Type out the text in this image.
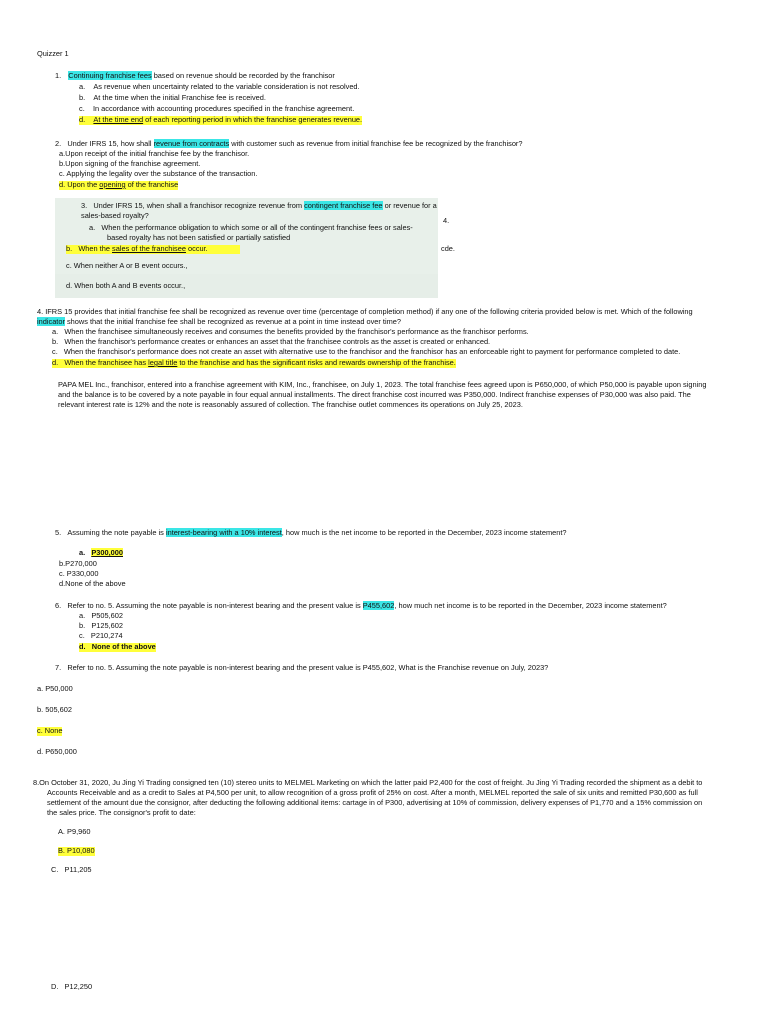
Quizzer 1
1. Continuing franchise fees based on revenue should be recorded by the franchisor
a.    As revenue when uncertainty related to the variable consideration is not resolved.
b.    At the time when the initial Franchise fee is received.
c.    In accordance with accounting procedures specified in the franchise agreement.
d.    At the time end of each reporting period in which the franchise generates revenue.
2.   Under IFRS 15, how shall revenue from contracts with customer such as revenue from initial franchise fee be recognized by the franchisor?
a.Upon receipt of the initial franchise fee by the franchisor.
b.Upon signing of the franchise agreement.
c. Applying the legality over the substance of the transaction.
d. Upon the opening of the franchise
3.   Under IFRS 15, when shall a franchisor recognize revenue from contingent franchise fee or revenue for a
sales-based royalty?
a.   When the performance obligation to which some or all of the contingent franchise fees or sales-
based royalty has not been satisfied or partially satisfied
b.   When the sales of the franchisee occur.
c. When neither A or B event occurs.,
d. When both A and B events occur.,
4.
cde.
4. IFRS 15 provides that initial franchise fee shall be recognized as revenue over time (percentage of completion method) if any one of the following criteria provided below is met. Which of the following
indicator shows that the initial franchise fee shall be recognized as revenue at a point in time instead over time?
a.   When the franchisee simultaneously receives and consumes the benefits provided by the franchisor's performance as the franchisor performs.
b.   When the franchisor's performance creates or enhances an asset that the franchisee controls as the asset is created or enhanced.
c.   When the franchisor's performance does not create an asset with alternative use to the franchisor and the franchisor has an enforceable right to payment for performance completed to date.
d.   When the franchisee has legal title to the franchise and has the significant risks and rewards ownership of the franchise.
PAPA MEL Inc., franchisor, entered into a franchise agreement with KIM, Inc., franchisee, on July 1, 2023. The total franchise fees agreed upon is P650,000, of which P50,000 is payable upon signing
and the balance is to be covered by a note payable in four equal annual installments. The direct franchise cost incurred was P350,000. Indirect franchise expenses of P30,000 was also paid. The
relevant interest rate is 12% and the note is reasonably assured of collection. The franchise outlet commences its operations on July 25, 2023.
5.   Assuming the note payable is interest-bearing with a 10% interest, how much is the net income to be reported in the December, 2023 income statement?
a.   P300,000
b.P270,000
c. P330,000
d.None of the above
6.   Refer to no. 5. Assuming the note payable is non-interest bearing and the present value is P455,602, how much net income is to be reported in the December, 2023 income statement?
a.   P505,602
b.   P125,602
c.   P210,274
d.   None of the above
7.   Refer to no. 5. Assuming the note payable is non-interest bearing and the present value is P455,602, What is the Franchise revenue on July, 2023?
a. P50,000
b. 505,602
c. None
d. P650,000
8.On October 31, 2020, Ju Jing Yi Trading consigned ten (10) stereo units to MELMEL Marketing on which the latter paid P2,400 for the cost of freight. Ju Jing Yi Trading recorded the shipment as a debit to
Accounts Receivable and as a credit to Sales at P4,500 per unit, to allow recognition of a gross profit of 25% on cost. After a month, MELMEL reported the sale of six units and remitted P30,600 as full
settlement of the amount due the consignor, after deducting the following additional items: cartage in of P300, advertising at 10% of commission, delivery expenses of P1,770 and a 15% commission on
the sales price. The consignor's profit to date:
A. P9,960
B. P10,080
C.   P11,205
D.   P12,250
